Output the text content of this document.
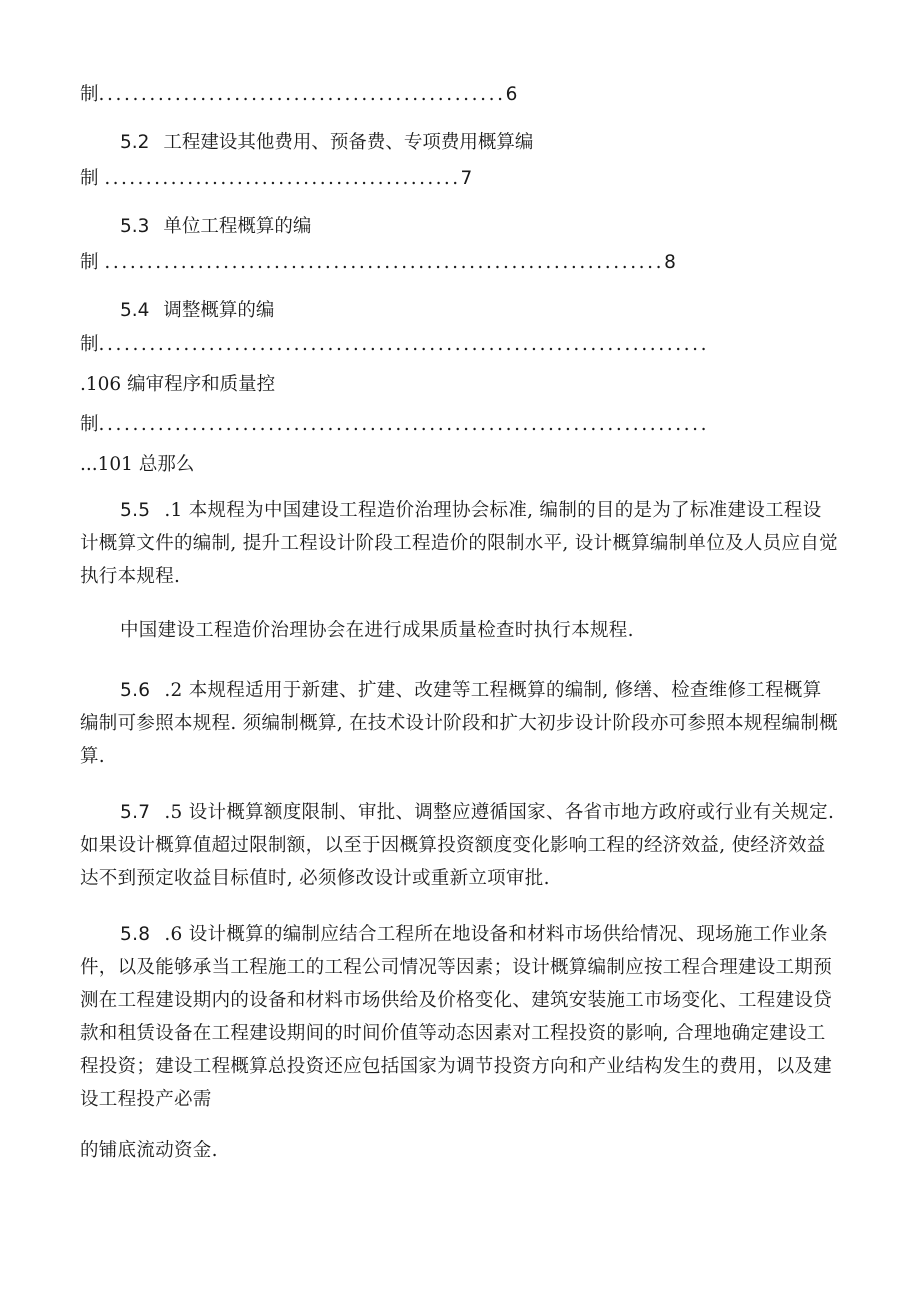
制................................................6
5.2 工程建设其他费用、预备费、专项费用概算编
制 ...........................................7
5.3 单位工程概算的编
制 ..................................................................8
5.4 调整概算的编
制........................................................................
.106 编审程序和质量控
制........................................................................
...101 总那么
5.5 .1 本规程为中国建设工程造价治理协会标准, 编制的目的是为了标准建设工程设计概算文件的编制, 提升工程设计阶段工程造价的限制水平, 设计概算编制单位及人员应自觉执行本规程.
中国建设工程造价治理协会在进行成果质量检查时执行本规程.
5.6 .2 本规程适用于新建、扩建、改建等工程概算的编制, 修缮、检查维修工程概算编制可参照本规程. 须编制概算, 在技术设计阶段和扩大初步设计阶段亦可参照本规程编制概算.
5.7 .5 设计概算额度限制、审批、调整应遵循国家、各省市地方政府或行业有关规定. 如果设计概算值超过限制额，以至于因概算投资额度变化影响工程的经济效益, 使经济效益达不到预定收益目标值时, 必须修改设计或重新立项审批.
5.8 .6 设计概算的编制应结合工程所在地设备和材料市场供给情况、现场施工作业条件，以及能够承当工程施工的工程公司情况等因素；设计概算编制应按工程合理建设工期预测在工程建设期内的设备和材料市场供给及价格变化、建筑安装施工市场变化、工程建设贷款和租赁设备在工程建设期间的时间价值等动态因素对工程投资的影响, 合理地确定建设工程投资；建设工程概算总投资还应包括国家为调节投资方向和产业结构发生的费用，以及建设工程投产必需
的铺底流动资金.
